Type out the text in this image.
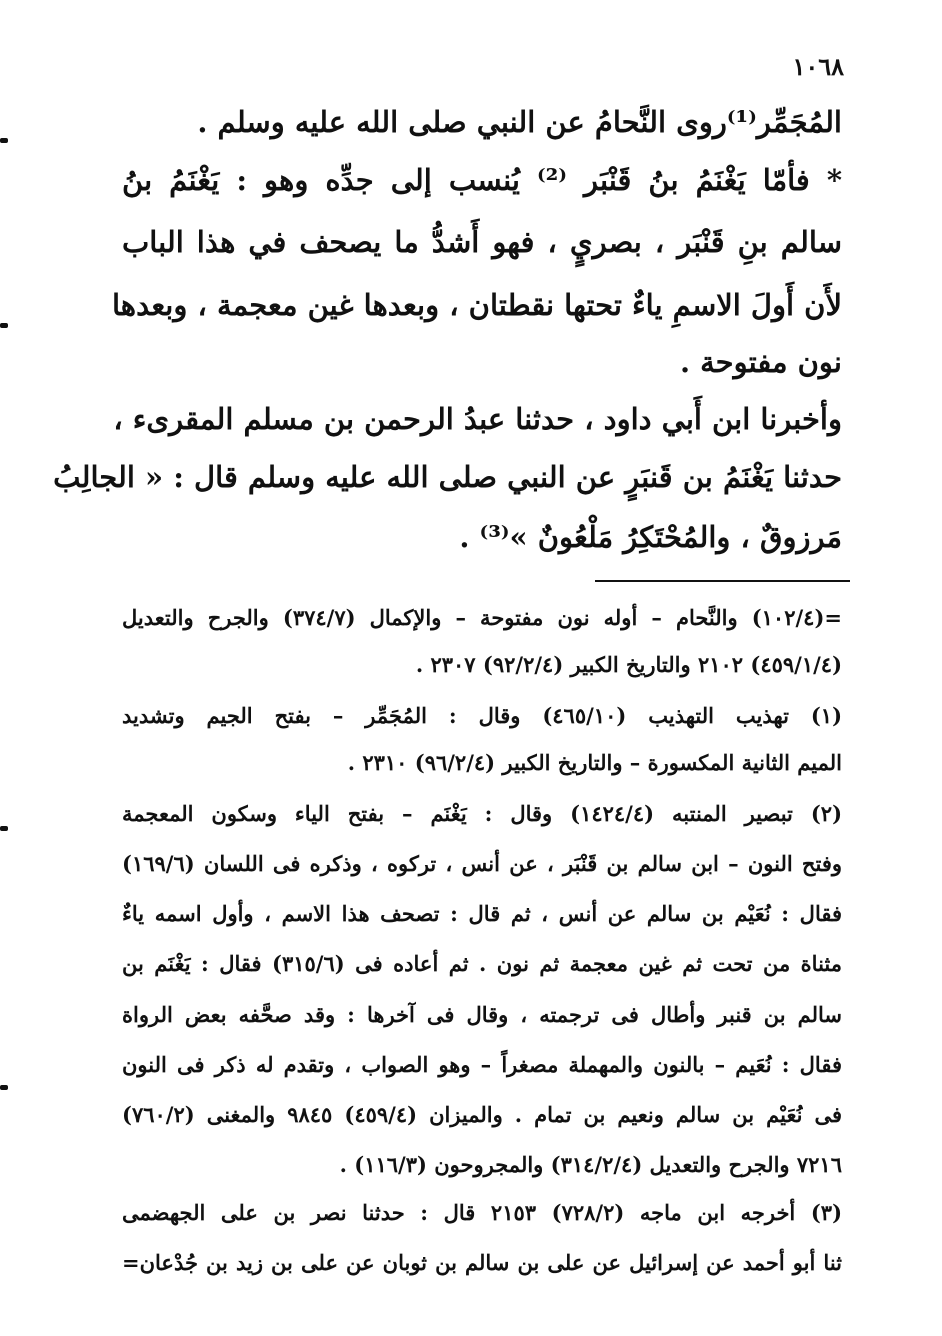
١٠٦٨
المُجَمِّر⁽¹⁾روى النَّحامُ عن النبي صلى الله عليه وسلم .
* فأمّا يَغْنَمُ بنُ قَنْبَر ⁽²⁾ يُنسب إلى جدِّه وهو : يَغْنَمُ بنُ
سالم بنِ قَنْبَر ، بصريٍ ، فهو أَشدُّ ما يصحف في هذا الباب
لأَن أَولَ الاسمِ ياءٌ تحتها نقطتان ، وبعدها غين معجمة ، وبعدها
نون مفتوحة .
وأخبرنا ابن أَبي داود ، حدثنا عبدُ الرحمن بن مسلم المقرىء ،
حدثنا يَغْنَمُ بن قَنبَرٍ عن النبي صلى الله عليه وسلم قال : « الجالِبُ
مَرزوقٌ ، والمُحْتَكِرُ مَلْعُونٌ »⁽³⁾ .
=(١٠٢/٤) والنَّحام – أوله نون مفتوحة – والإكمال (٣٧٤/٧) والجرح والتعديل
(٤٥٩/١/٤) ٢١٠٢ والتاريخ الكبير (٩٢/٢/٤) ٢٣٠٧ .
(١) تهذيب التهذيب (٤٦٥/١٠) وقال : المُجَمِّر – بفتح الجيم وتشديد
الميم الثانية المكسورة – والتاريخ الكبير (٩٦/٢/٤) ٢٣١٠ .
(٢) تبصير المنتبه (١٤٢٤/٤) وقال : يَغْنَم – بفتح الياء وسكون المعجمة
وفتح النون – ابن سالم بن قَنْبَر ، عن أنس ، تركوه ، وذكره فى اللسان (١٦٩/٦)
فقال : نُعَيْم بن سالم عن أنس ، ثم قال : تصحف هذا الاسم ، وأول اسمه ياءٌ
مثناة من تحت ثم غين معجمة ثم نون . ثم أعاده فى (٣١٥/٦) فقال : يَغْنَم بن
سالم بن قنبر وأطال فى ترجمته ، وقال فى آخرها : وقد صحَّفه بعض الرواة
فقال : نُعَيم – بالنون والمهملة مصغراً – وهو الصواب ، وتقدم له ذكر فى النون
فى نُعَيْم بن سالم ونعيم بن تمام . والميزان (٤٥٩/٤) ٩٨٤٥ والمغنى (٧٦٠/٢)
٧٢١٦ والجرح والتعديل (٣١٤/٢/٤) والمجروحون (١١٦/٣) .
(٣) أخرجه ابن ماجه (٧٢٨/٢) ٢١٥٣ قال : حدثنا نصر بن على الجهضمى
ثنا أبو أحمد عن إسرائيل عن على بن سالم بن ثوبان عن على بن زيد بن جُدْعان=
